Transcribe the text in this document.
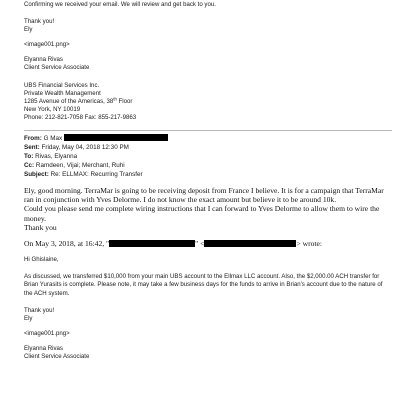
Confirming we received your email. We will review and get back to you.

Thank you!

Ely

<image001.png>

Elyanna Rivas

Client Service Associate

UBS Financial Services Inc.

Private Wealth Management

1285 Avenue of the Americas, 38th Floor

New York, NY 10019

Phone: 212-821-7058 Fax: 855-217-9863

From: G Max
Sent: Friday, May 04, 2018 12:30 PM
To: Rivas, Elyanna
Cc: Ramdeen, Vijai; Merchant, Ruhi
Subject: Re: ELLMAX: Recurring Transfer

Ely, good morning. TerraMar is going to be receiving deposit from France I believe. It is for a campaign that TerraMar ran in conjunction with Yves Delorme. I do not know the exact amount but believe it to be around 10k.

Could you please send me complete wiring instructions that I can forward to Yves Delorme to allow them to wire the money.

Thank you

On May 3, 2018, at 16:42, "	" <	> wrote:

Hi Ghislaine,

As discussed, we transferred $10,000 from your main UBS account to the Ellmax LLC account. Also, the $2,000.00 ACH transfer for Brian Yurasits is complete. Please note, it may take a few business days for the funds to arrive in Brian's account due to the nature of the ACH system.

Thank you!

Ely

<image001.png>

Elyanna Rivas

Client Service Associate
